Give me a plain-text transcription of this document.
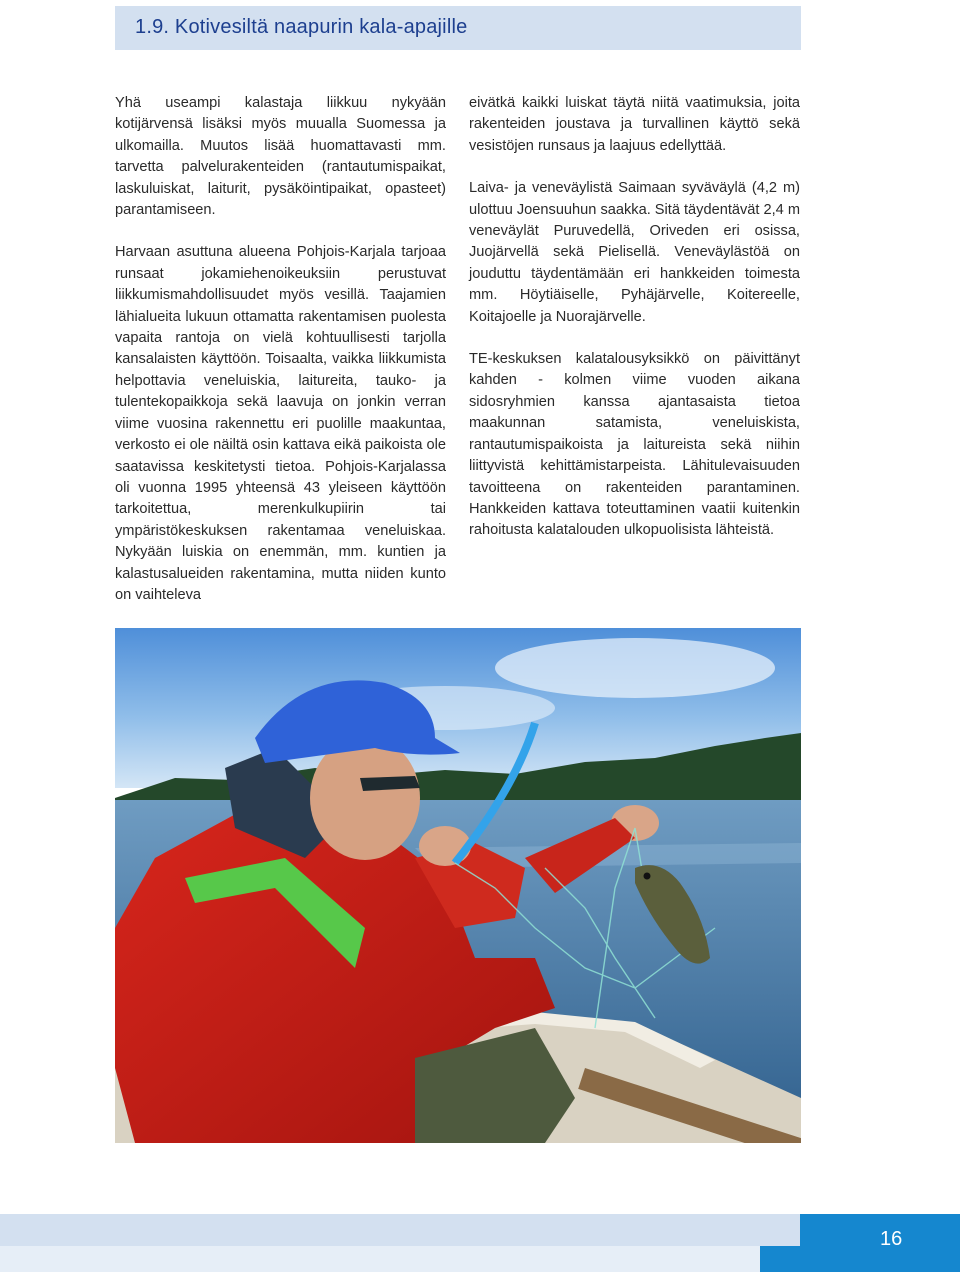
1.9. Kotivesiltä naapurin kala-apajille

Yhä useampi kalastaja liikkuu nykyään kotijärvensä lisäksi myös muualla Suomessa ja ulkomailla. Muutos lisää huomattavasti mm. tarvetta palvelurakenteiden (rantautumispaikat, laskuluiskat, laiturit, pysäköintipaikat, opasteet) parantamiseen.

Harvaan asuttuna alueena Pohjois-Karjala tarjoaa runsaat jokamiehenoikeuksiin perustuvat liikkumismahdollisuudet myös vesillä. Taajamien lähialueita lukuun ottamatta rakentamisen puolesta vapaita rantoja on vielä kohtuullisesti tarjolla kansalaisten käyttöön. Toisaalta, vaikka liikkumista helpottavia veneluiskia, laitureita, tauko- ja tulentekopaikkoja sekä laavuja on jonkin verran viime vuosina rakennettu eri puolille maakuntaa, verkosto ei ole näiltä osin kattava eikä paikoista ole saatavissa keskitetysti tietoa. Pohjois-Karjalassa oli vuonna 1995 yhteensä 43 yleiseen käyttöön tarkoitettua, merenkulkupiirin tai ympäristökeskuksen rakentamaa veneluiskaa. Nykyään luiskia on enemmän, mm. kuntien ja kalastusalueiden rakentamina, mutta niiden kunto on vaihteleva

eivätkä kaikki luiskat täytä niitä vaatimuksia, joita rakenteiden joustava ja turvallinen käyttö sekä vesistöjen runsaus ja laajuus edellyttää.

Laiva- ja veneväylistä Saimaan syväväylä (4,2 m) ulottuu Joensuuhun saakka. Sitä täydentävät 2,4 m veneväylät Puruvedellä, Oriveden eri osissa, Juojärvellä sekä Pielisellä. Veneväylästöä on jouduttu täydentämään eri hankkeiden toimesta mm. Höytiäiselle, Pyhäjärvelle, Koitereelle, Koitajoelle ja Nuorajärvelle.

TE-keskuksen kalatalousyksikkö on päivittänyt kahden - kolmen viime vuoden aikana sidosryhmien kanssa ajantasaista tietoa maakunnan satamista, veneluiskista, rantautumispaikoista ja laitureista sekä niihin liittyvistä kehittämistarpeista. Lähitulevaisuuden tavoitteena on rakenteiden parantaminen. Hankkeiden kattava toteuttaminen vaatii kuitenkin rahoitusta kalatalouden ulkopuolisista lähteistä.

16
